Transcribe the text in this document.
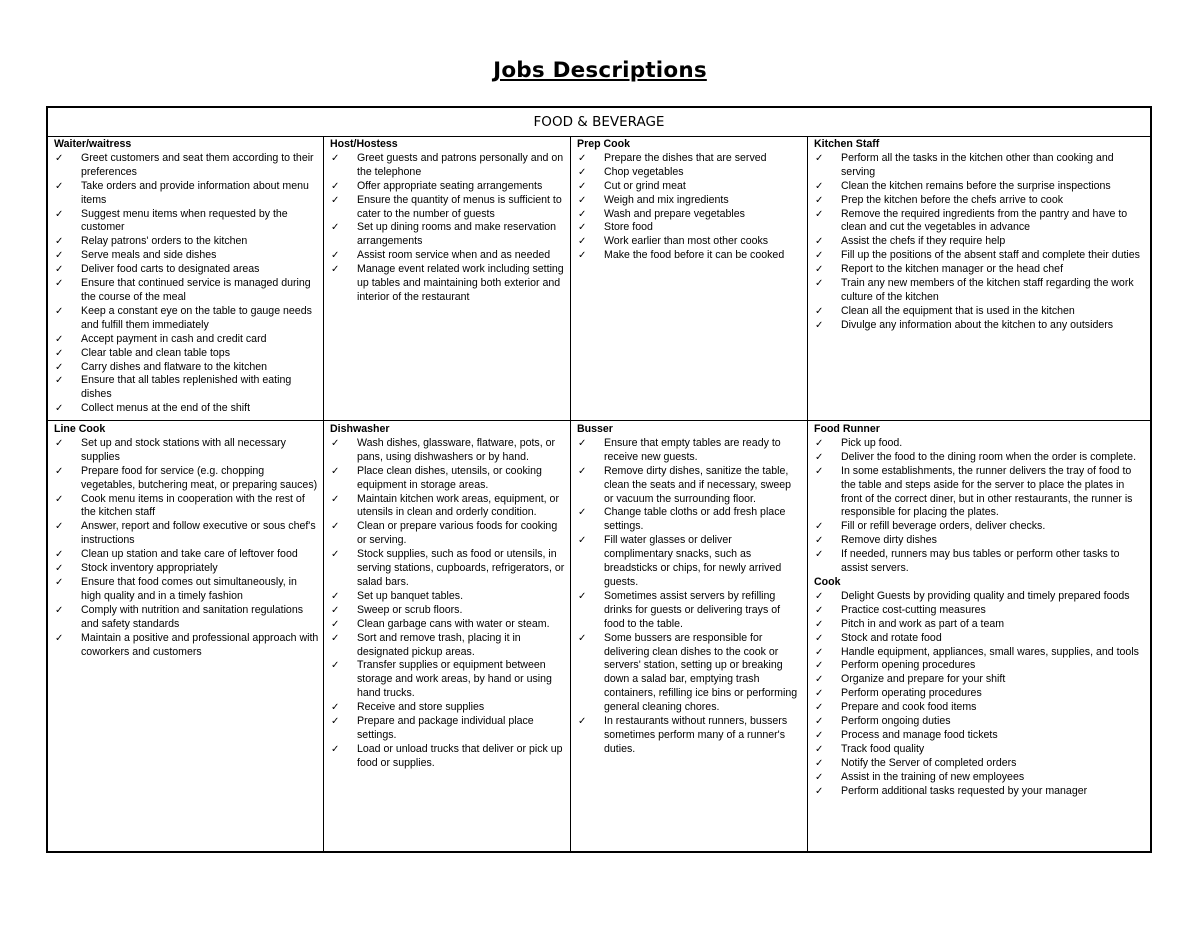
Jobs Descriptions
FOOD & BEVERAGE
Waiter/waitress
✓ Greet customers and seat them according to their preferences
✓ Take orders and provide information about menu items
✓ Suggest menu items when requested by the customer
✓ Relay patrons' orders to the kitchen
✓ Serve meals and side dishes
✓ Deliver food carts to designated areas
✓ Ensure that continued service is managed during the course of the meal
✓ Keep a constant eye on the table to gauge needs and fulfill them immediately
✓ Accept payment in cash and credit card
✓ Clear table and clean table tops
✓ Carry dishes and flatware to the kitchen
✓ Ensure that all tables replenished with eating dishes
✓ Collect menus at the end of the shift
Host/Hostess
✓ Greet guests and patrons personally and on the telephone
✓ Offer appropriate seating arrangements
✓ Ensure the quantity of menus is sufficient to cater to the number of guests
✓ Set up dining rooms and make reservation arrangements
✓ Assist room service when and as needed
✓ Manage event related work including setting up tables and maintaining both exterior and interior of the restaurant
Prep Cook
✓ Prepare the dishes that are served
✓ Chop vegetables
✓ Cut or grind meat
✓ Weigh and mix ingredients
✓ Wash and prepare vegetables
✓ Store food
✓ Work earlier than most other cooks
✓ Make the food before it can be cooked
Kitchen Staff
✓ Perform all the tasks in the kitchen other than cooking and serving
✓ Clean the kitchen remains before the surprise inspections
✓ Prep the kitchen before the chefs arrive to cook
✓ Remove the required ingredients from the pantry and have to clean and cut the vegetables in advance
✓ Assist the chefs if they require help
✓ Fill up the positions of the absent staff and complete their duties
✓ Report to the kitchen manager or the head chef
✓ Train any new members of the kitchen staff regarding the work culture of the kitchen
✓ Clean all the equipment that is used in the kitchen
✓ Divulge any information about the kitchen to any outsiders
Line Cook
✓ Set up and stock stations with all necessary supplies
✓ Prepare food for service (e.g. chopping vegetables, butchering meat, or preparing sauces)
✓ Cook menu items in cooperation with the rest of the kitchen staff
✓ Answer, report and follow executive or sous chef's instructions
✓ Clean up station and take care of leftover food
✓ Stock inventory appropriately
✓ Ensure that food comes out simultaneously, in high quality and in a timely fashion
✓ Comply with nutrition and sanitation regulations and safety standards
✓ Maintain a positive and professional approach with coworkers and customers
Dishwasher
✓ Wash dishes, glassware, flatware, pots, or pans, using dishwashers or by hand.
✓ Place clean dishes, utensils, or cooking equipment in storage areas.
✓ Maintain kitchen work areas, equipment, or utensils in clean and orderly condition.
✓ Clean or prepare various foods for cooking or serving.
✓ Stock supplies, such as food or utensils, in serving stations, cupboards, refrigerators, or salad bars.
✓ Set up banquet tables.
✓ Sweep or scrub floors.
✓ Clean garbage cans with water or steam.
✓ Sort and remove trash, placing it in designated pickup areas.
✓ Transfer supplies or equipment between storage and work areas, by hand or using hand trucks.
✓ Receive and store supplies
✓ Prepare and package individual place settings.
✓ Load or unload trucks that deliver or pick up food or supplies.
Busser
✓ Ensure that empty tables are ready to receive new guests.
✓ Remove dirty dishes, sanitize the table, clean the seats and if necessary, sweep or vacuum the surrounding floor.
✓ Change table cloths or add fresh place settings.
✓ Fill water glasses or deliver complimentary snacks, such as breadsticks or chips, for newly arrived guests.
✓ Sometimes assist servers by refilling drinks for guests or delivering trays of food to the table.
✓ Some bussers are responsible for delivering clean dishes to the cook or servers' station, setting up or breaking down a salad bar, emptying trash containers, refilling ice bins or performing general cleaning chores.
✓ In restaurants without runners, bussers sometimes perform many of a runner's duties.
Food Runner
✓ Pick up food.
✓ Deliver the food to the dining room when the order is complete.
✓ In some establishments, the runner delivers the tray of food to the table and steps aside for the server to place the plates in front of the correct diner, but in other restaurants, the runner is responsible for placing the plates.
✓ Fill or refill beverage orders, deliver checks.
✓ Remove dirty dishes
✓ If needed, runners may bus tables or perform other tasks to assist servers.
Cook
✓ Delight Guests by providing quality and timely prepared foods
✓ Practice cost-cutting measures
✓ Pitch in and work as part of a team
✓ Stock and rotate food
✓ Handle equipment, appliances, small wares, supplies, and tools
✓ Perform opening procedures
✓ Organize and prepare for your shift
✓ Perform operating procedures
✓ Prepare and cook food items
✓ Perform ongoing duties
✓ Process and manage food tickets
✓ Track food quality
✓ Notify the Server of completed orders
✓ Assist in the training of new employees
✓ Perform additional tasks requested by your manager
